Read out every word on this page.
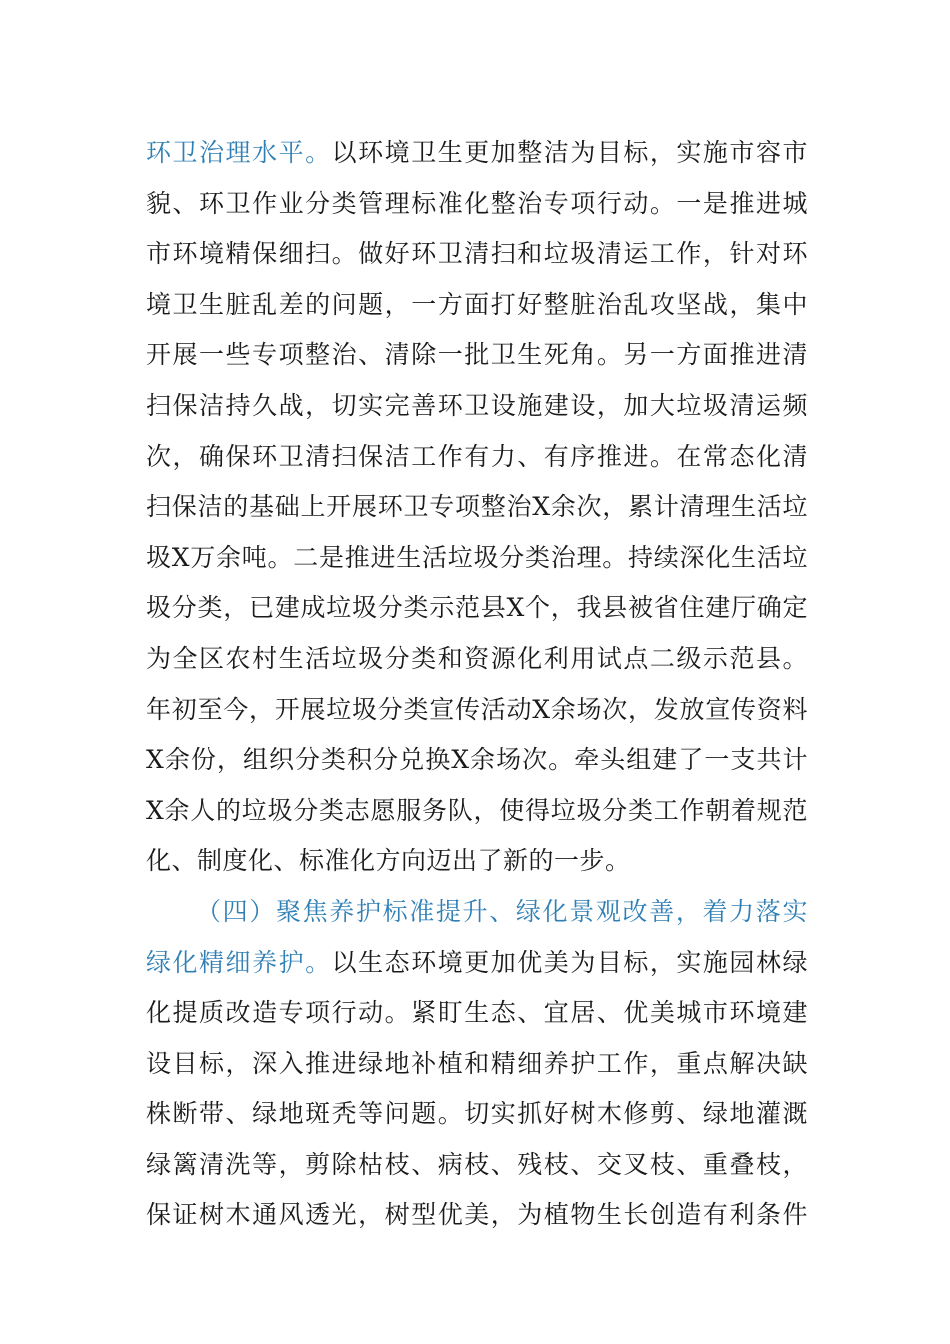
环卫治理水平。以环境卫生更加整洁为目标，实施市容市
貌、环卫作业分类管理标准化整治专项行动。一是推进城
市环境精保细扫。做好环卫清扫和垃圾清运工作，针对环
境卫生脏乱差的问题，一方面打好整脏治乱攻坚战，集中
开展一些专项整治、清除一批卫生死角。另一方面推进清
扫保洁持久战，切实完善环卫设施建设，加大垃圾清运频
次，确保环卫清扫保洁工作有力、有序推进。在常态化清
扫保洁的基础上开展环卫专项整治X余次，累计清理生活垃
圾X万余吨。二是推进生活垃圾分类治理。持续深化生活垃
圾分类，已建成垃圾分类示范县X个，我县被省住建厅确定
为全区农村生活垃圾分类和资源化利用试点二级示范县。
年初至今，开展垃圾分类宣传活动X余场次，发放宣传资料
X余份，组织分类积分兑换X余场次。牵头组建了一支共计
X余人的垃圾分类志愿服务队，使得垃圾分类工作朝着规范
化、制度化、标准化方向迈出了新的一步。
（四）聚焦养护标准提升、绿化景观改善，着力落实
绿化精细养护。以生态环境更加优美为目标，实施园林绿
化提质改造专项行动。紧盯生态、宜居、优美城市环境建
设目标，深入推进绿地补植和精细养护工作，重点解决缺
株断带、绿地斑秃等问题。切实抓好树木修剪、绿地灌溉
绿篱清洗等，剪除枯枝、病枝、残枝、交叉枝、重叠枝，
保证树木通风透光，树型优美，为植物生长创造有利条件
